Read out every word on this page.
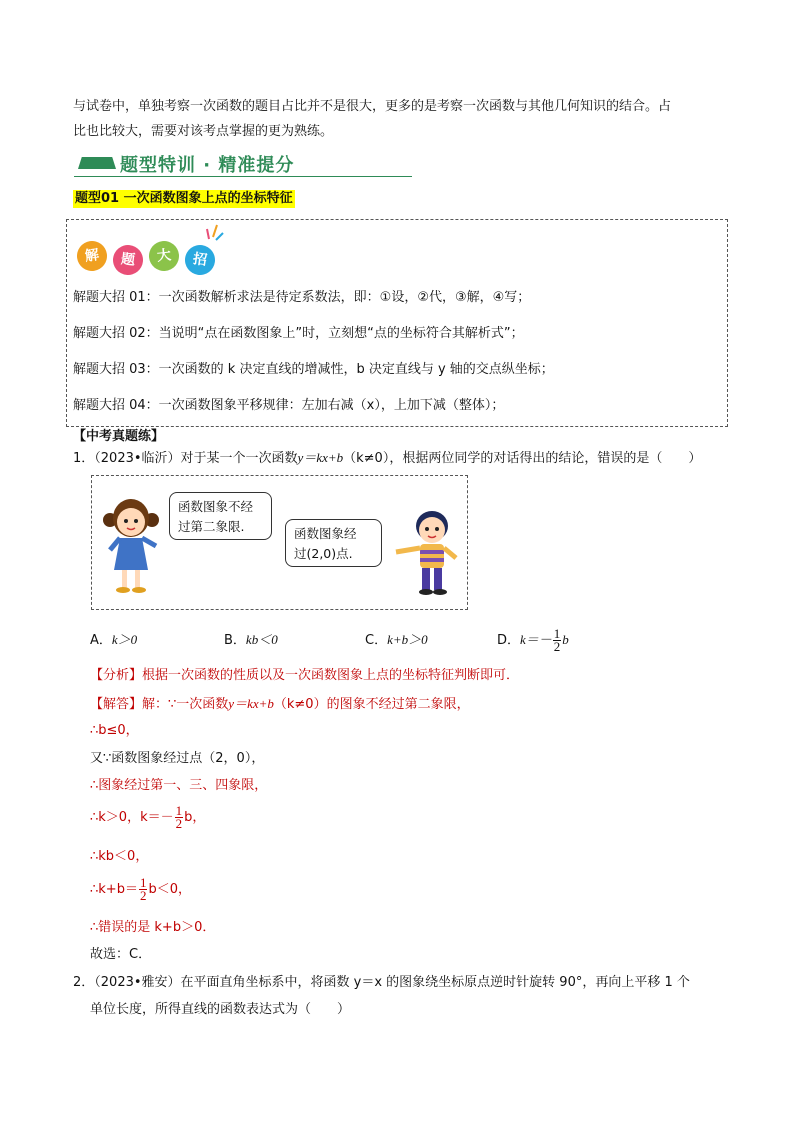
与试卷中，单独考察一次函数的题目占比并不是很大，更多的是考察一次函数与其他几何知识的结合。占
比也比较大，需要对该考点掌握的更为熟练。
题型特训 · 精准提分
题型01 一次函数图象上点的坐标特征
解	题	大	招
解题大招 01：一次函数解析求法是待定系数法，即：①设，②代，③解，④写；
解题大招 02：当说明“点在函数图象上”时，立刻想“点的坐标符合其解析式”；
解题大招 03：一次函数的 k 决定直线的增减性，b 决定直线与 y 轴的交点纵坐标；
解题大招 04：一次函数图象平移规律：左加右减（x），上加下减（整体）；
【中考真题练】
1．（2023•临沂）对于某一个一次函数y＝kx+b（k≠0），根据两位同学的对话得出的结论，错误的是（　　）
函数图象不经
过第二象限.	函数图象经
过(2,0)点.
A．k＞0	B．kb＜0	C．k+b＞0	D．$k=- \frac{1}{2}$ b
【分析】根据一次函数的性质以及一次函数图象上点的坐标特征判断即可．
【解答】解：∵一次函数y＝kx+b（k≠0）的图象不经过第二象限，
∴b≤0，
又∵函数图象经过点（2，0），
∴图象经过第一、三、四象限，
∴k＞0，$k=- \frac{1}{2}$ b，
∴kb＜0，
∴k+b＝ $\frac{1}{2} b<0$，
∴错误的是 k+b＞0．
故选：C．
2．（2023•雅安）在平面直角坐标系中，将函数 y＝x 的图象绕坐标原点逆时针旋转 90°，再向上平移 1 个
单位长度，所得直线的函数表达式为（　　）
